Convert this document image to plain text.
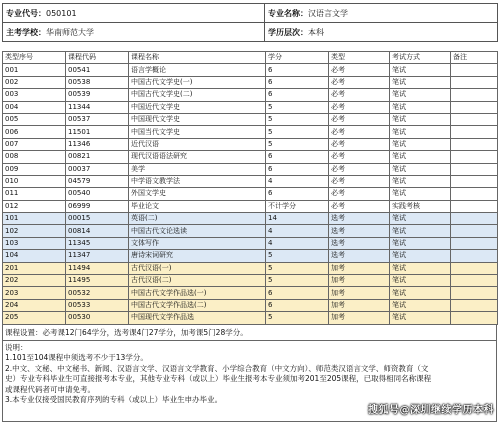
专业代号：050101	专业名称：汉语言文学
主考学校：华南师范大学	学历层次：本科
类型序号	课程代码	课程名称	学分	类型	考试方式	备注
001	00541	语言学概论	6	必考	笔试	
002	00538	中国古代文学史(一)	6	必考	笔试	
003	00539	中国古代文学史(二)	6	必考	笔试	
004	11344	中国近代文学史	5	必考	笔试	
005	00537	中国现代文学史	5	必考	笔试	
006	11501	中国当代文学史	5	必考	笔试	
007	11346	近代汉语	5	必考	笔试	
008	00821	现代汉语语法研究	6	必考	笔试	
009	00037	美学	6	必考	笔试	
010	04579	中学语文教学法	4	必考	笔试	
011	00540	外国文学史	6	必考	笔试	
012	06999	毕业论文	不计学分	必考	实践考核	
101	00015	英语(二)	14	选考	笔试	
102	00814	中国古代文论选读	4	选考	笔试	
103	11345	文体写作	4	选考	笔试	
104	11347	唐诗宋词研究	5	选考	笔试	
201	11494	古代汉语(一)	5	加考	笔试	
202	11495	古代汉语(二)	5	加考	笔试	
203	00532	中国古代文学作品选(一)	6	加考	笔试	
204	00533	中国古代文学作品选(二)	6	加考	笔试	
205	00530	中国现代文学作品选	5	加考	笔试	
课程设置：必考课12门64学分，选考课4门27学分，加考课5门28学分。
说明：
1.101至104课程中须选考不少于13学分。
2.中文、文秘、中文秘书、新闻、汉语言文学、汉语言文学教育、小学综合教育（中文方向）、师范类汉语言文学、师资教育（文
史）专业专科毕业生可直接报考本专业，其他专业专科（或以上）毕业生报考本专业须加考201至205课程，已取得相同名称课程
或课程代码者可申请免考。
3.本专业仅接受国民教育序列的专科（或以上）毕业生申办毕业。
搜狐号@深圳继续学历本科
